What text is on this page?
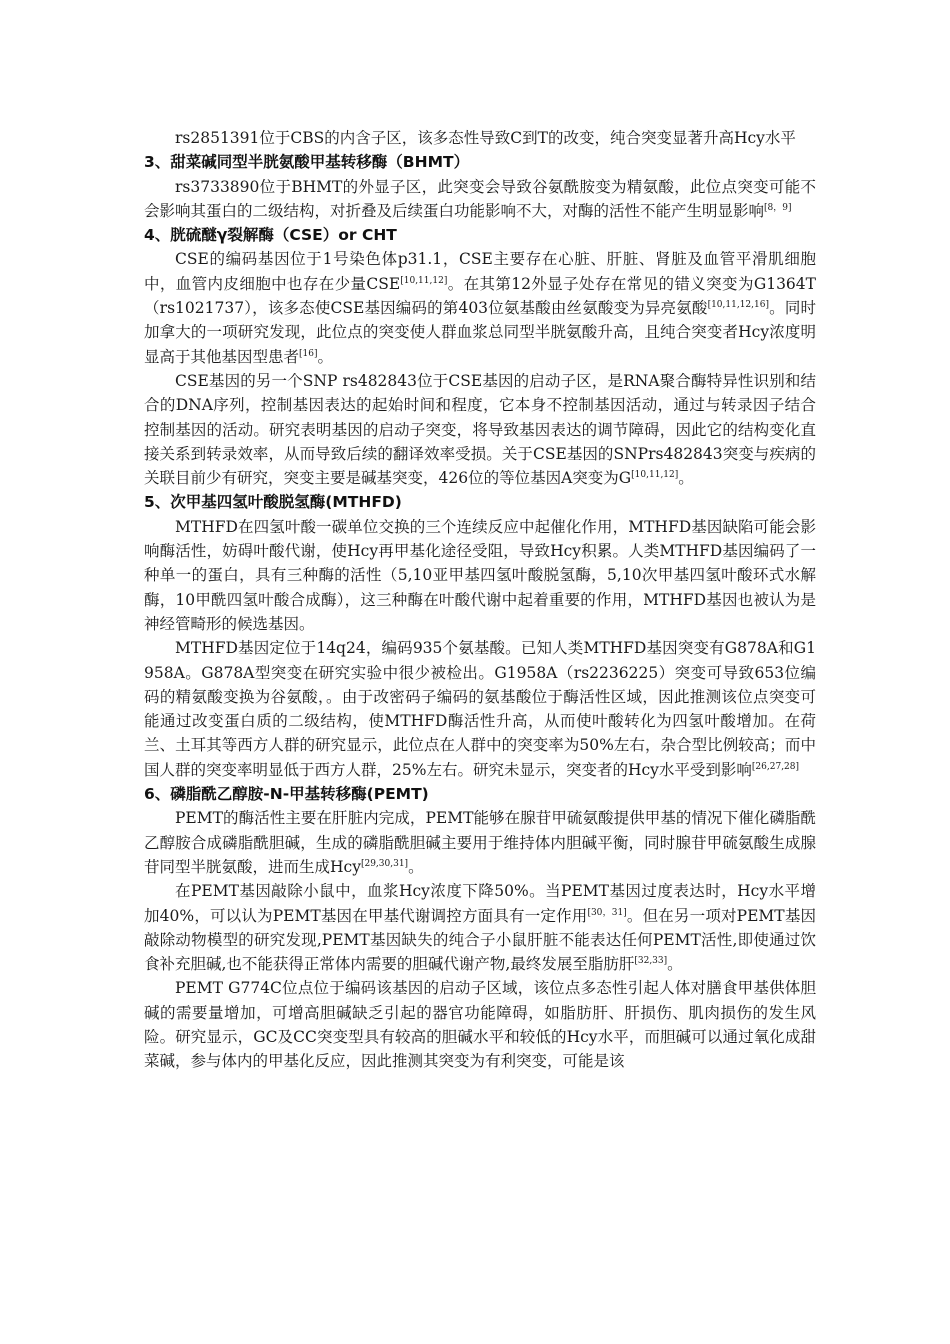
rs2851391位于CBS的内含子区，该多态性导致C到T的改变，纯合突变显著升高Hcy水平

3、甜菜碱同型半胱氨酸甲基转移酶（BHMT）

rs3733890位于BHMT的外显子区，此突变会导致谷氨酰胺变为精氨酸，此位点突变可能不会影响其蛋白的二级结构，对折叠及后续蛋白功能影响不大，对酶的活性不能产生明显影响[8，9]

4、胱硫醚γ裂解酶（CSE）or CHT

CSE的编码基因位于1号染色体p31.1，CSE主要存在心脏、肝脏、肾脏及血管平滑肌细胞中，血管内皮细胞中也存在少量CSE[10,11,12]。在其第12外显子处存在常见的错义突变为G1364T（rs1021737），该多态使CSE基因编码的第403位氨基酸由丝氨酸变为异亮氨酸[10,11,12,16]。同时加拿大的一项研究发现，此位点的突变使人群血浆总同型半胱氨酸升高，且纯合突变者Hcy浓度明显高于其他基因型患者[16]。

CSE基因的另一个SNP rs482843位于CSE基因的启动子区，是RNA聚合酶特异性识别和结合的DNA序列，控制基因表达的起始时间和程度，它本身不控制基因活动，通过与转录因子结合控制基因的活动。研究表明基因的启动子突变，将导致基因表达的调节障碍，因此它的结构变化直接关系到转录效率，从而导致后续的翻译效率受损。关于CSE基因的SNPrs482843突变与疾病的关联目前少有研究，突变主要是碱基突变，426位的等位基因A突变为G[10,11,12]。

5、次甲基四氢叶酸脱氢酶(MTHFD)

MTHFD在四氢叶酸一碳单位交换的三个连续反应中起催化作用，MTHFD基因缺陷可能会影响酶活性，妨碍叶酸代谢，使Hcy再甲基化途径受阻，导致Hcy积累。人类MTHFD基因编码了一种单一的蛋白，具有三种酶的活性（5,10亚甲基四氢叶酸脱氢酶，5,10次甲基四氢叶酸环式水解酶，10甲酰四氢叶酸合成酶），这三种酶在叶酸代谢中起着重要的作用，MTHFD基因也被认为是神经管畸形的候选基因。

MTHFD基因定位于14q24，编码935个氨基酸。已知人类MTHFD基因突变有G878A和G1958A。G878A型突变在研究实验中很少被检出。G1958A（rs2236225）突变可导致653位编码的精氨酸变换为谷氨酸，。由于改密码子编码的氨基酸位于酶活性区域，因此推测该位点突变可能通过改变蛋白质的二级结构，使MTHFD酶活性升高，从而使叶酸转化为四氢叶酸增加。在荷兰、土耳其等西方人群的研究显示，此位点在人群中的突变率为50%左右，杂合型比例较高；而中国人群的突变率明显低于西方人群，25%左右。研究未显示，突变者的Hcy水平受到影响[26,27,28]

6、磷脂酰乙醇胺-N-甲基转移酶(PEMT)

PEMT的酶活性主要在肝脏内完成，PEMT能够在腺苷甲硫氨酸提供甲基的情况下催化磷脂酰乙醇胺合成磷脂酰胆碱，生成的磷脂酰胆碱主要用于维持体内胆碱平衡，同时腺苷甲硫氨酸生成腺苷同型半胱氨酸，进而生成Hcy[29,30,31]。

在PEMT基因敲除小鼠中，血浆Hcy浓度下降50%。当PEMT基因过度表达时，Hcy水平增加40%，可以认为PEMT基因在甲基代谢调控方面具有一定作用[30，31]。但在另一项对PEMT基因敲除动物模型的研究发现,PEMT基因缺失的纯合子小鼠肝脏不能表达任何PEMT活性,即使通过饮食补充胆碱,也不能获得正常体内需要的胆碱代谢产物,最终发展至脂肪肝[32,33]。

PEMT G774C位点位于编码该基因的启动子区域，该位点多态性引起人体对膳食甲基供体胆碱的需要量增加，可增高胆碱缺乏引起的器官功能障碍，如脂肪肝、肝损伤、肌肉损伤的发生风险。研究显示，GC及CC突变型具有较高的胆碱水平和较低的Hcy水平，而胆碱可以通过氧化成甜菜碱，参与体内的甲基化反应，因此推测其突变为有利突变，可能是该
